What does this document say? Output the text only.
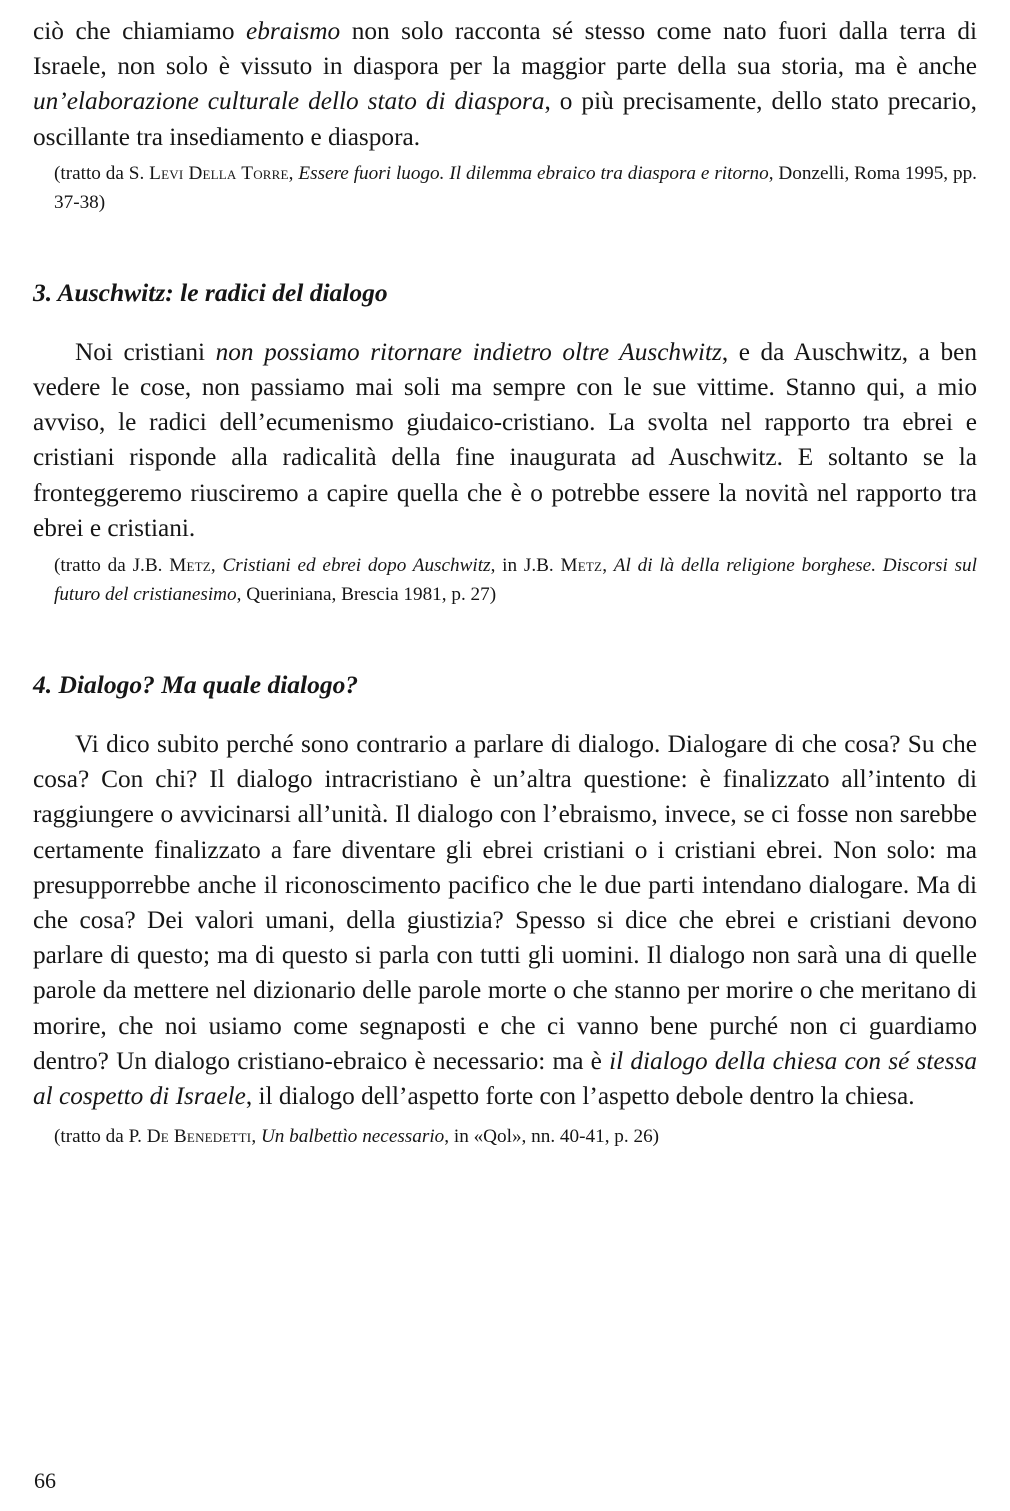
ciò che chiamiamo ebraismo non solo racconta sé stesso come nato fuori dalla terra di Israele, non solo è vissuto in diaspora per la maggior parte della sua storia, ma è anche un’elaborazione culturale dello stato di diaspora, o più precisamente, dello stato precario, oscillante tra insediamento e diaspora.

(tratto da S. Levi Della Torre, Essere fuori luogo. Il dilemma ebraico tra diaspora e ritorno, Donzelli, Roma 1995, pp. 37-38)

3. Auschwitz: le radici del dialogo

Noi cristiani non possiamo ritornare indietro oltre Auschwitz, e da Auschwitz, a ben vedere le cose, non passiamo mai soli ma sempre con le sue vittime. Stanno qui, a mio avviso, le radici dell’ecumenismo giudaico-cristiano. La svolta nel rapporto tra ebrei e cristiani risponde alla radicalità della fine inaugurata ad Auschwitz. E soltanto se la fronteggeremo riusciremo a capire quella che è o potrebbe essere la novità nel rapporto tra ebrei e cristiani.

(tratto da J.B. Metz, Cristiani ed ebrei dopo Auschwitz, in J.B. Metz, Al di là della religione borghese. Discorsi sul futuro del cristianesimo, Queriniana, Brescia 1981, p. 27)

4. Dialogo? Ma quale dialogo?

Vi dico subito perché sono contrario a parlare di dialogo. Dialogare di che cosa? Su che cosa? Con chi? Il dialogo intracristiano è un’altra questione: è finalizzato all’intento di raggiungere o avvicinarsi all’unità. Il dialogo con l’ebraismo, invece, se ci fosse non sarebbe certamente finalizzato a fare diventare gli ebrei cristiani o i cristiani ebrei. Non solo: ma presupporrebbe anche il riconoscimento pacifico che le due parti intendano dialogare. Ma di che cosa? Dei valori umani, della giustizia? Spesso si dice che ebrei e cristiani devono parlare di questo; ma di questo si parla con tutti gli uomini. Il dialogo non sarà una di quelle parole da mettere nel dizionario delle parole morte o che stanno per morire o che meritano di morire, che noi usiamo come segnaposti e che ci vanno bene purché non ci guardiamo dentro? Un dialogo cristiano-ebraico è necessario: ma è il dialogo della chiesa con sé stessa al cospetto di Israele, il dialogo dell’aspetto forte con l’aspetto debole dentro la chiesa.

(tratto da P. De Benedetti, Un balbettìo necessario, in «Qol», nn. 40-41, p. 26)

66
